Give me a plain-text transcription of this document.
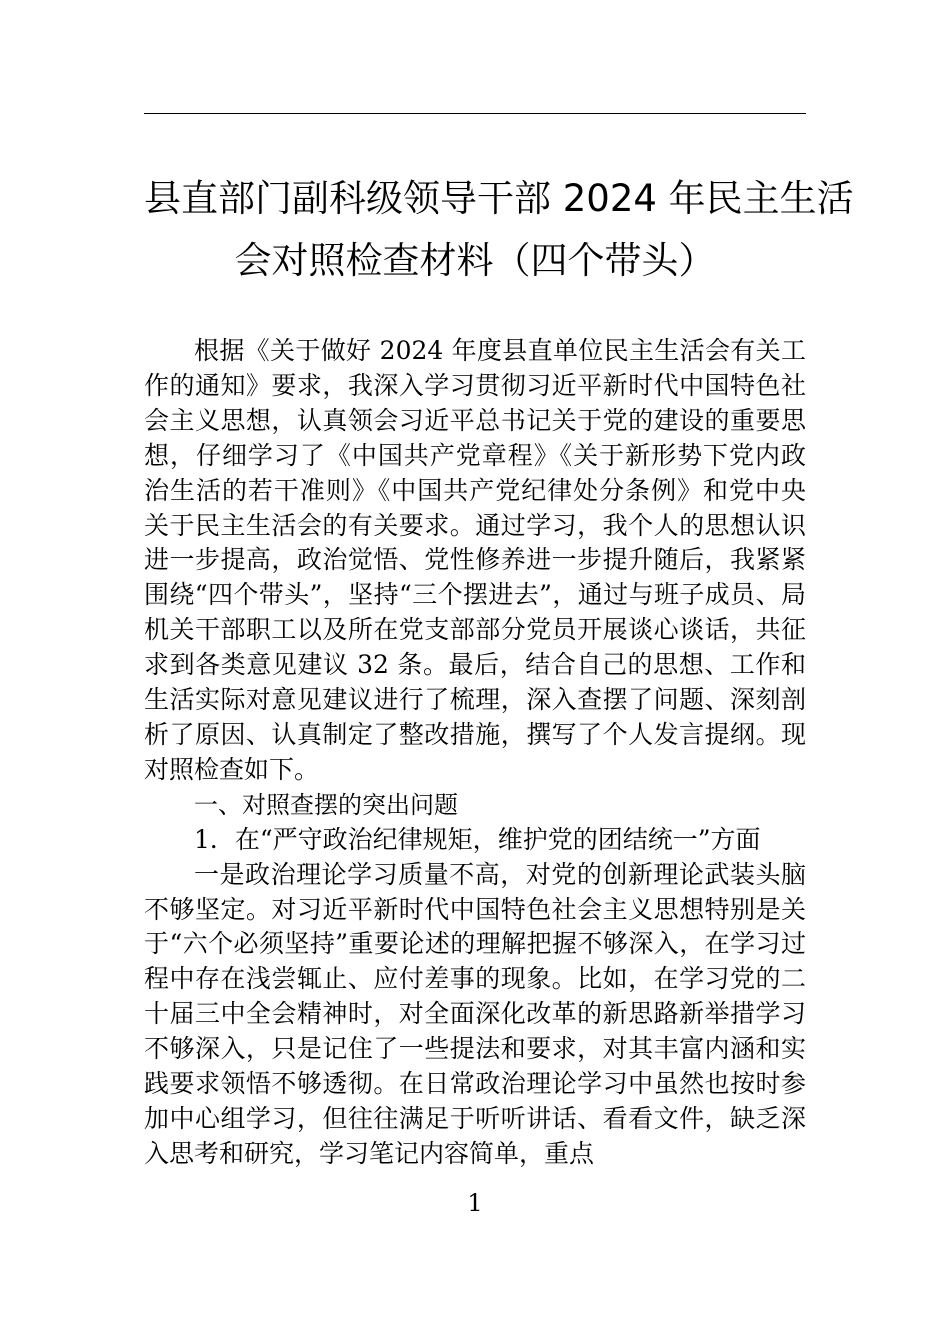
县直部门副科级领导干部 2024 年民主生活
会对照检查材料（四个带头）

根据《关于做好 2024 年度县直单位民主生活会有关工作的通知》要求，我深入学习贯彻习近平新时代中国特色社会主义思想，认真领会习近平总书记关于党的建设的重要思想，仔细学习了《中国共产党章程》《关于新形势下党内政治生活的若干准则》《中国共产党纪律处分条例》和党中央关于民主生活会的有关要求。通过学习，我个人的思想认识进一步提高，政治觉悟、党性修养进一步提升随后，我紧紧围绕“四个带头”，坚持“三个摆进去”，通过与班子成员、局机关干部职工以及所在党支部部分党员开展谈心谈话，共征求到各类意见建议 32 条。最后，结合自己的思想、工作和生活实际对意见建议进行了梳理，深入查摆了问题、深刻剖析了原因、认真制定了整改措施，撰写了个人发言提纲。现对照检查如下。

一、对照查摆的突出问题

1．在“严守政治纪律规矩，维护党的团结统一”方面

一是政治理论学习质量不高，对党的创新理论武装头脑不够坚定。对习近平新时代中国特色社会主义思想特别是关于“六个必须坚持”重要论述的理解把握不够深入，在学习过程中存在浅尝辄止、应付差事的现象。比如，在学习党的二十届三中全会精神时，对全面深化改革的新思路新举措学习不够深入，只是记住了一些提法和要求，对其丰富内涵和实践要求领悟不够透彻。在日常政治理论学习中虽然也按时参加中心组学习，但往往满足于听听讲话、看看文件，缺乏深入思考和研究，学习笔记内容简单，重点

1
